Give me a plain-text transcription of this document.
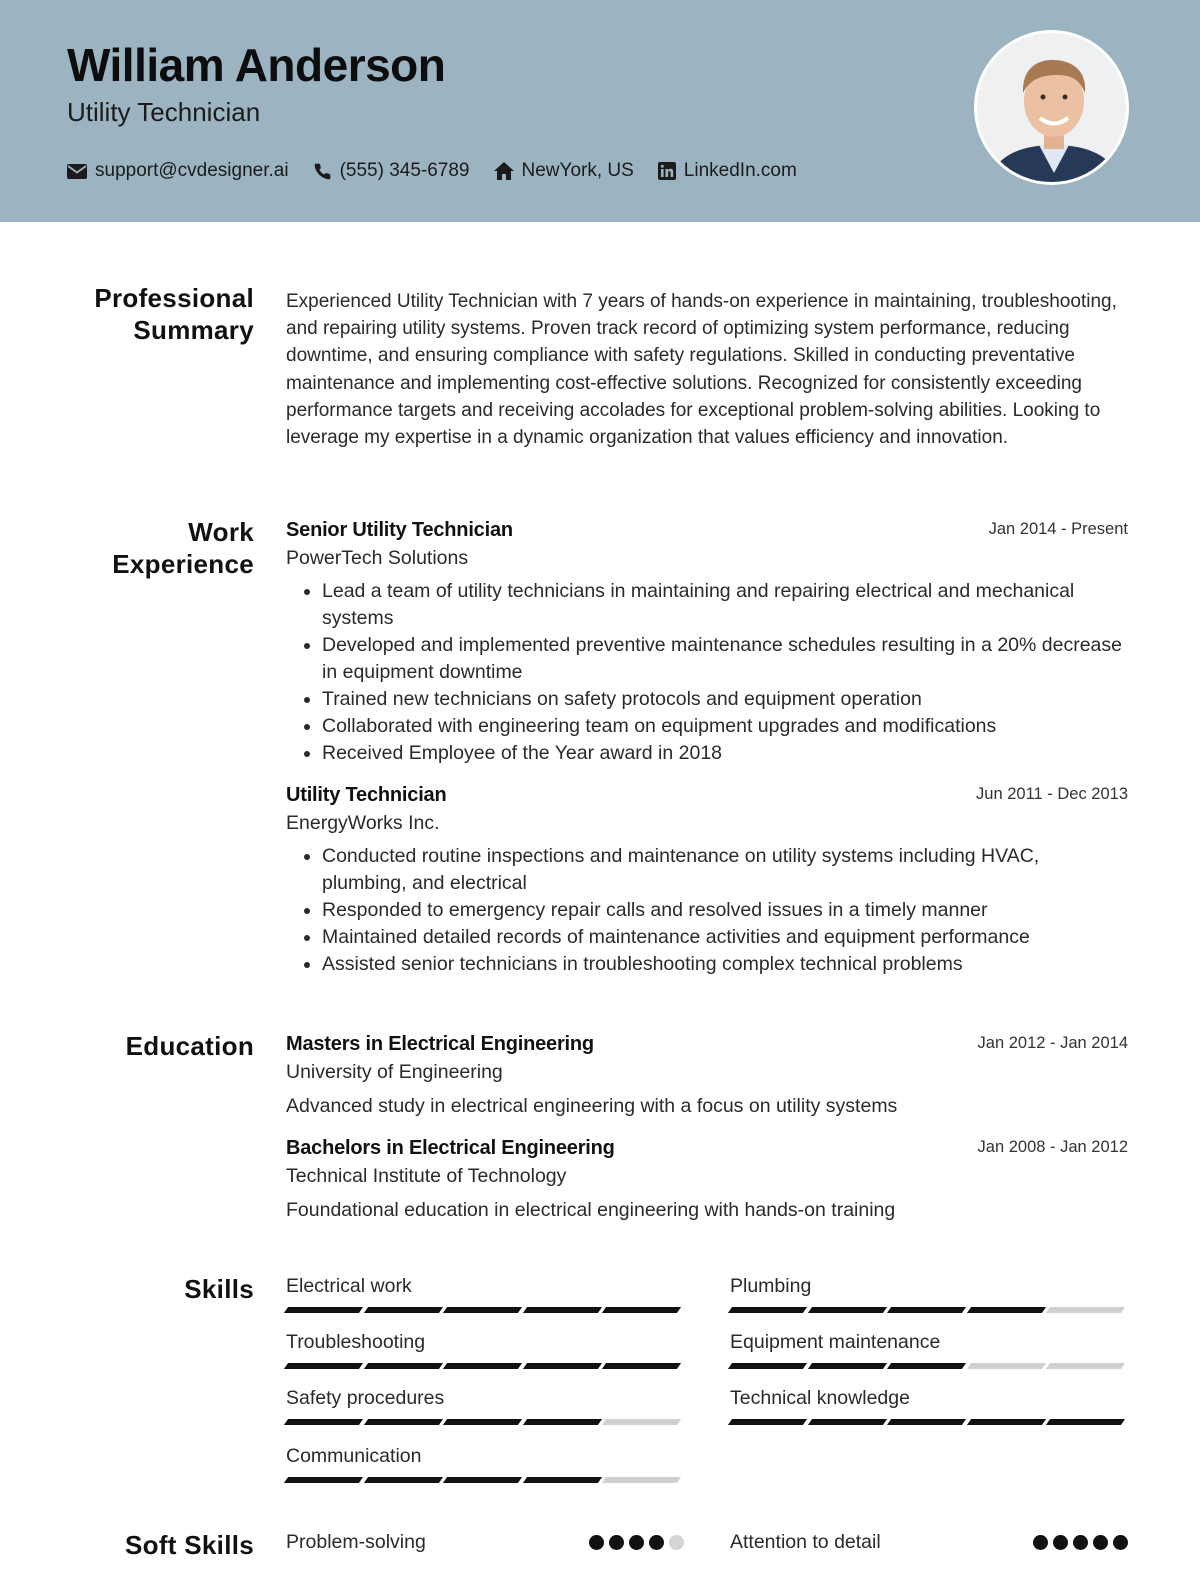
William Anderson
Utility Technician
support@cvdesigner.ai	(555) 345-6789	NewYork, US	LinkedIn.com
Professional
Summary
Experienced Utility Technician with 7 years of hands-on experience in maintaining, troubleshooting, and repairing utility systems. Proven track record of optimizing system performance, reducing downtime, and ensuring compliance with safety regulations. Skilled in conducting preventative maintenance and implementing cost-effective solutions. Recognized for consistently exceeding performance targets and receiving accolades for exceptional problem-solving abilities. Looking to leverage my expertise in a dynamic organization that values efficiency and innovation.
Work
Experience
Senior Utility Technician	Jan 2014 - Present
PowerTech Solutions
• Lead a team of utility technicians in maintaining and repairing electrical and mechanical systems
• Developed and implemented preventive maintenance schedules resulting in a 20% decrease in equipment downtime
• Trained new technicians on safety protocols and equipment operation
• Collaborated with engineering team on equipment upgrades and modifications
• Received Employee of the Year award in 2018
Utility Technician	Jun 2011 - Dec 2013
EnergyWorks Inc.
• Conducted routine inspections and maintenance on utility systems including HVAC, plumbing, and electrical
• Responded to emergency repair calls and resolved issues in a timely manner
• Maintained detailed records of maintenance activities and equipment performance
• Assisted senior technicians in troubleshooting complex technical problems
Education Masters in Electrical Engineering	Jan 2012 - Jan 2014
University of Engineering
Advanced study in electrical engineering with a focus on utility systems
Bachelors in Electrical Engineering	Jan 2008 - Jan 2012
Technical Institute of Technology
Foundational education in electrical engineering with hands-on training
Skills Electrical work	Plumbing
Troubleshooting	Equipment maintenance
Safety procedures	Technical knowledge
Communication
Soft Skills Problem-solving	Attention to detail
